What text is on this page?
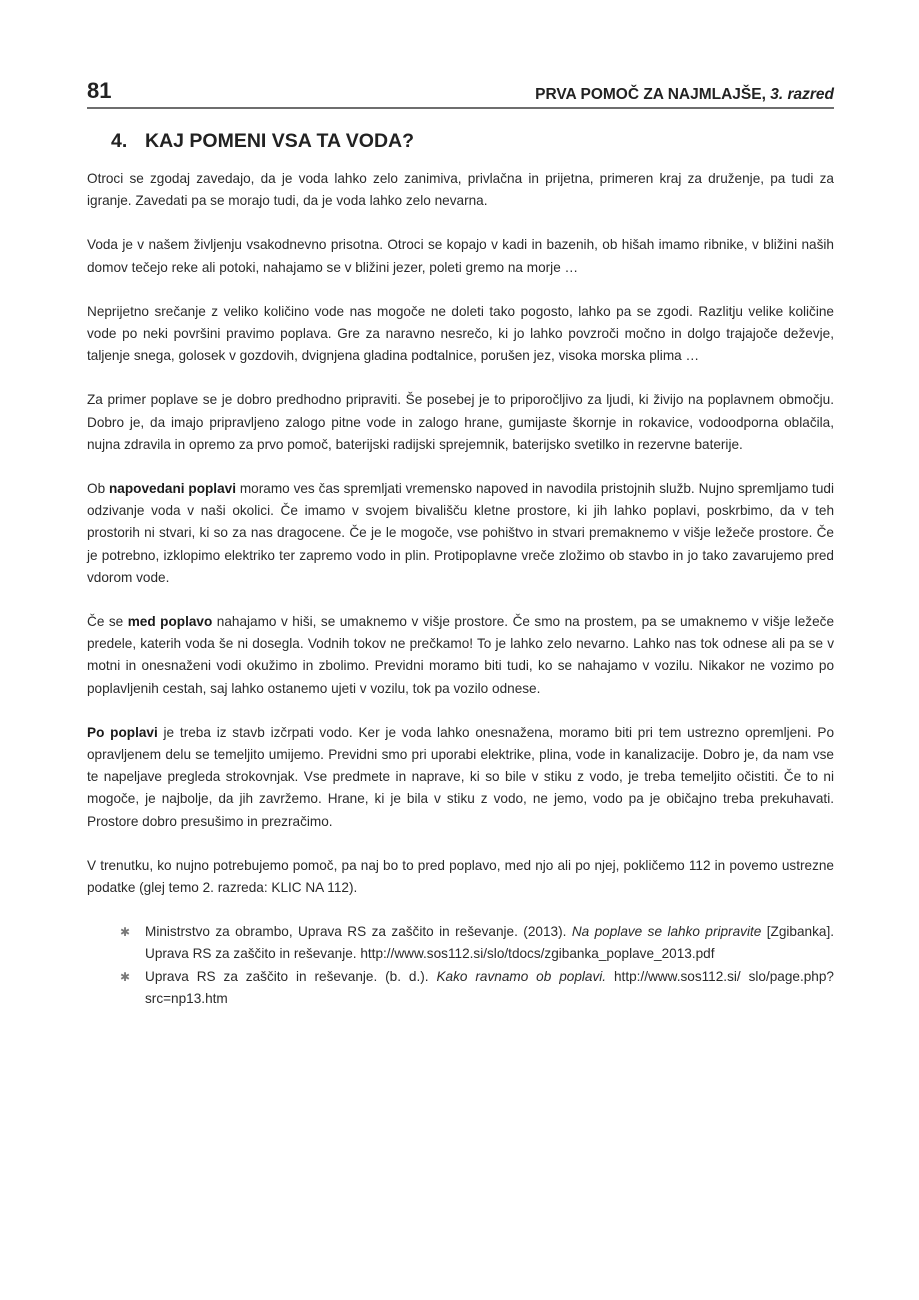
81	PRVA POMOČ ZA NAJMLAJŠE, 3. razred
4. KAJ POMENI VSA TA VODA?

Otroci se zgodaj zavedajo, da je voda lahko zelo zanimiva, privlačna in prijetna, primeren kraj za druženje, pa tudi za igranje. Zavedati pa se morajo tudi, da je voda lahko zelo nevarna.

Voda je v našem življenju vsakodnevno prisotna. Otroci se kopajo v kadi in bazenih, ob hišah imamo ribnike, v bližini naših domov tečejo reke ali potoki, nahajamo se v bližini jezer, poleti gremo na morje …

Neprijetno srečanje z veliko količino vode nas mogoče ne doleti tako pogosto, lahko pa se zgodi. Razlitju velike količine vode po neki površini pravimo poplava. Gre za naravno nesrečo, ki jo lahko povzroči močno in dolgo trajajoče deževje, taljenje snega, golosek v gozdovih, dvignjena gladina podtalnice, porušen jez, visoka morska plima …

Za primer poplave se je dobro predhodno pripraviti. Še posebej je to priporočljivo za ljudi, ki živijo na poplavnem območju. Dobro je, da imajo pripravljeno zalogo pitne vode in zalogo hrane, gumijaste škornje in rokavice, vodoodporna oblačila, nujna zdravila in opremo za prvo pomoč, baterijski radijski sprejemnik, baterijsko svetilko in rezervne baterije.

Ob napovedani poplavi moramo ves čas spremljati vremensko napoved in navodila pristojnih služb. Nujno spremljamo tudi odzivanje voda v naši okolici. Če imamo v svojem bivališču kletne prostore, ki jih lahko poplavi, poskrbimo, da v teh prostorih ni stvari, ki so za nas dragocene. Če je le mogoče, vse pohištvo in stvari premaknemo v višje ležeče prostore. Če je potrebno, izklopimo elektriko ter zapremo vodo in plin. Protipoplavne vreče zložimo ob stavbo in jo tako zavarujemo pred vdorom vode.

Če se med poplavo nahajamo v hiši, se umaknemo v višje prostore. Če smo na prostem, pa se umaknemo v višje ležeče predele, katerih voda še ni dosegla. Vodnih tokov ne prečkamo! To je lahko zelo nevarno. Lahko nas tok odnese ali pa se v motni in onesnaženi vodi okužimo in zbolimo. Previdni moramo biti tudi, ko se nahajamo v vozilu. Nikakor ne vozimo po poplavljenih cestah, saj lahko ostanemo ujeti v vozilu, tok pa vozilo odnese.

Po poplavi je treba iz stavb izčrpati vodo. Ker je voda lahko onesnažena, moramo biti pri tem ustrezno opremljeni. Po opravljenem delu se temeljito umijemo. Previdni smo pri uporabi elektrike, plina, vode in kanalizacije. Dobro je, da nam vse te napeljave pregleda strokovnjak. Vse predmete in naprave, ki so bile v stiku z vodo, je treba temeljito očistiti. Če to ni mogoče, je najbolje, da jih zavržemo. Hrane, ki je bila v stiku z vodo, ne jemo, vodo pa je običajno treba prekuhavati. Prostore dobro presušimo in prezračimo.

V trenutku, ko nujno potrebujemo pomoč, pa naj bo to pred poplavo, med njo ali po njej, pokličemo 112 in povemo ustrezne podatke (glej temo 2. razreda: KLIC NA 112).

✱ Ministrstvo za obrambo, Uprava RS za zaščito in reševanje. (2013). Na poplave se lahko pripravite [Zgibanka]. Uprava RS za zaščito in reševanje. http://www.sos112.si/slo/tdocs/zgibanka_poplave_2013.pdf
✱ Uprava RS za zaščito in reševanje. (b. d.). Kako ravnamo ob poplavi. http://www.sos112.si/ slo/page.php?src=np13.htm
